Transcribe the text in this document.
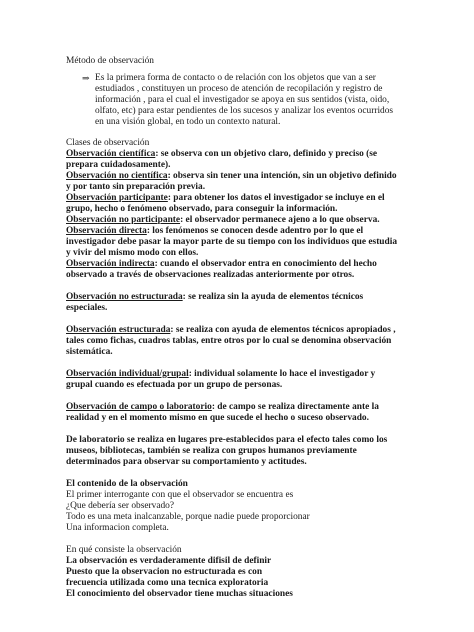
Método de observación
⇒ Es la primera forma de contacto o de relación con los objetos que van a ser
estudiados , constituyen un proceso de atención de recopilación y registro de
información , para el cual el investigador se apoya en sus sentidos (vista, oido,
olfato, etc) para estar pendientes de los sucesos y analizar los eventos ocurridos
en una visión global, en todo un contexto natural.
Clases de observación
Observación científica: se observa con un objetivo claro, definido y preciso (se
prepara cuidadosamente).
Observación no científica: observa sin tener una intención, sin un objetivo definido
y por tanto sin preparación previa.
Observación participante: para obtener los datos el investigador se incluye en el
grupo, hecho o fenómeno observado, para conseguir la información.
Observación no participante: el observador permanece ajeno a lo que observa.
Observación directa: los fenómenos se conocen desde adentro por lo que el
investigador debe pasar la mayor parte de su tiempo con los individuos que estudia
y vivir del mismo modo con ellos.
Observación indirecta: cuando el observador entra en conocimiento del hecho
observado a través de observaciones realizadas anteriormente por otros.
Observación no estructurada: se realiza sin la ayuda de elementos técnicos
especiales.
Observación estructurada: se realiza con ayuda de elementos técnicos apropiados ,
tales como fichas, cuadros tablas, entre otros por lo cual se denomina observación
sistemática.
Observación individual/grupal: individual solamente lo hace el investigador y
grupal cuando es efectuada por un grupo de personas.
Observación de campo o laboratorio: de campo se realiza directamente ante la
realidad y en el momento mismo en que sucede el hecho o suceso observado.
De laboratorio se realiza en lugares pre-establecidos para el efecto tales como los
museos, bibliotecas, también se realiza con grupos humanos previamente
determinados para observar su comportamiento y actitudes.
El contenido de la observación
El primer interrogante con que el observador se encuentra es
¿Que debería ser observado?
Todo es una meta inalcanzable, porque nadie puede proporcionar
Una informacion completa.
En qué consiste la observación
La observación es verdaderamente difisil de definir
Puesto que la observacion no estructurada es con
frecuencia utilizada como una tecnica exploratoria
El conocimiento del observador tiene muchas situaciones
